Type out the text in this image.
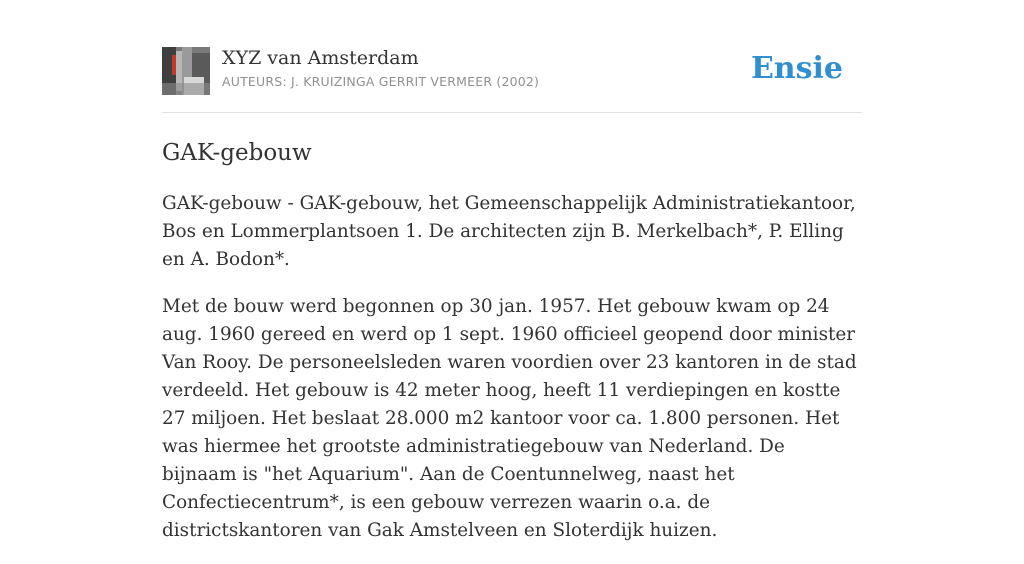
XYZ van Amsterdam
AUTEURS: J. KRUIZINGA GERRIT VERMEER (2002)	Ensie
GAK-gebouw

GAK-gebouw - GAK-gebouw, het Gemeenschappelijk Administratiekantoor, Bos en Lommerplantsoen 1. De architecten zijn B. Merkelbach*, P. Elling en A. Bodon*.

Met de bouw werd begonnen op 30 jan. 1957. Het gebouw kwam op 24 aug. 1960 gereed en werd op 1 sept. 1960 officieel geopend door minister Van Rooy. De personeelsleden waren voordien over 23 kantoren in de stad verdeeld. Het gebouw is 42 meter hoog, heeft 11 verdiepingen en kostte 27 miljoen. Het beslaat 28.000 m2 kantoor voor ca. 1.800 personen. Het was hiermee het grootste administratiegebouw van Nederland. De bijnaam is "het Aquarium". Aan de Coentunnelweg, naast het Confectiecentrum*, is een gebouw verrezen waarin o.a. de districtskantoren van Gak Amstelveen en Sloterdijk huizen.
